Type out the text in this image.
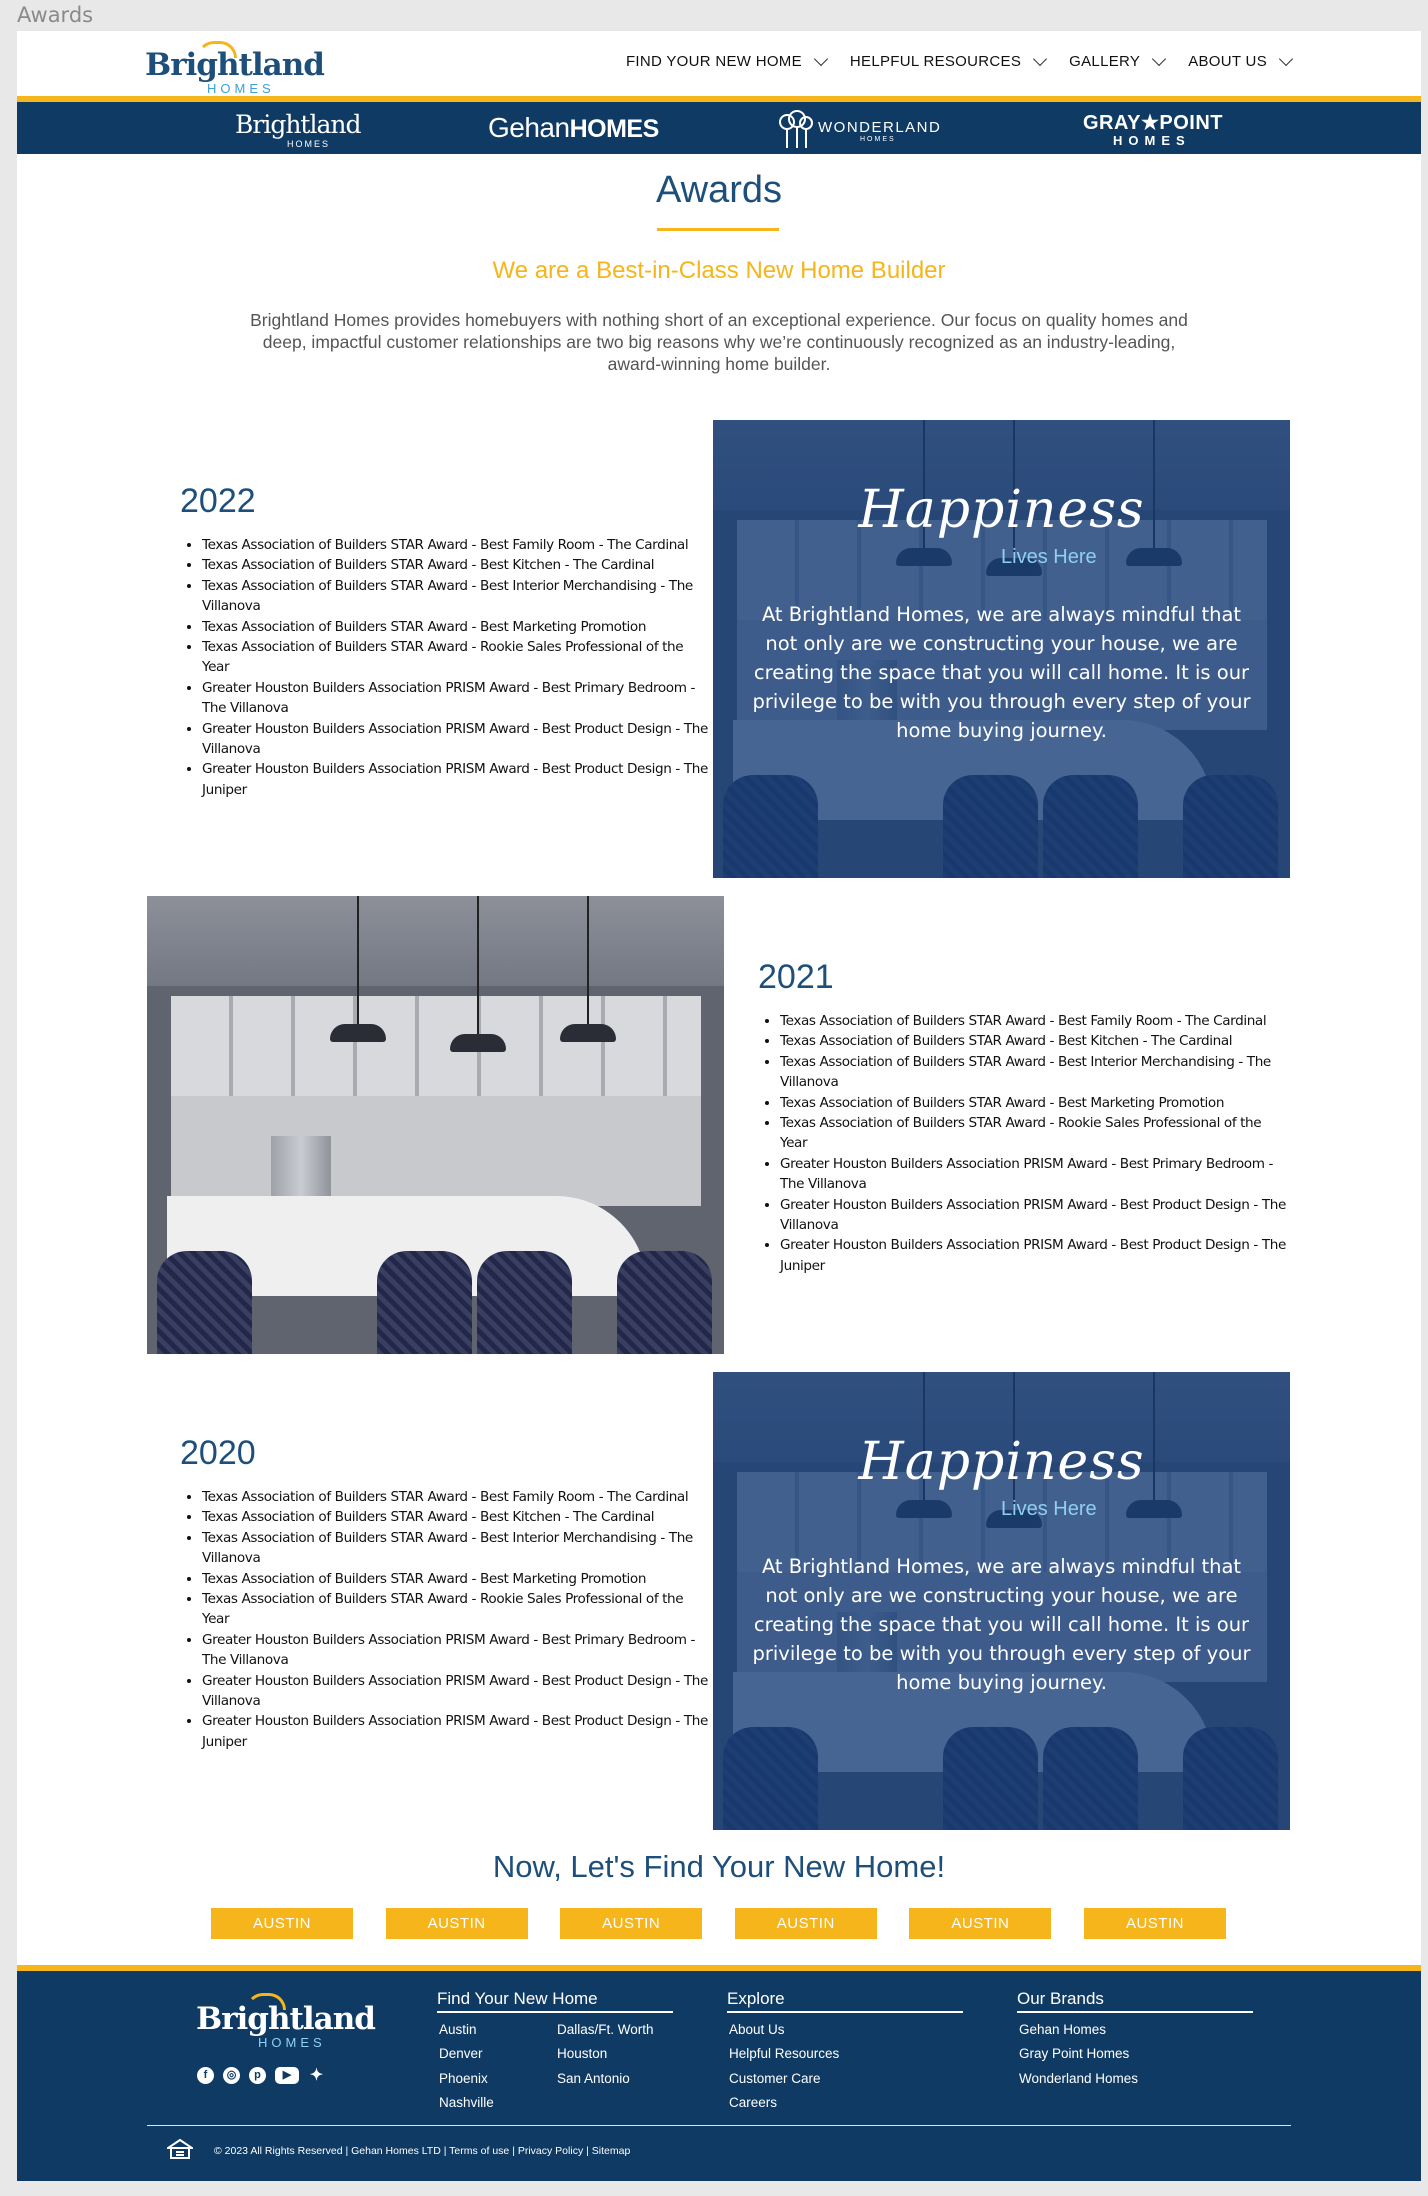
Awards
Brightland
HOMES
FIND YOUR NEW HOME	HELPFUL RESOURCES	GALLERY	ABOUT US
Brightland
HOMES
GehanHOMES	WONDERLAND
HOMES
GRAY★POINT
HOMES
Awards
We are a Best-in-Class New Home Builder
Brightland Homes provides homebuyers with nothing short of an exceptional experience. Our focus on quality homes and deep, impactful customer relationships are two big reasons why we’re continuously recognized as an industry-leading, award-winning home builder.
2022
• Texas Association of Builders STAR Award - Best Family Room - The Cardinal
• Texas Association of Builders STAR Award - Best Kitchen - The Cardinal
• Texas Association of Builders STAR Award - Best Interior Merchandising - The Villanova
• Texas Association of Builders STAR Award - Best Marketing Promotion
• Texas Association of Builders STAR Award - Rookie Sales Professional of the Year
• Greater Houston Builders Association PRISM Award - Best Primary Bedroom - The Villanova
• Greater Houston Builders Association PRISM Award - Best Product Design - The Villanova
• Greater Houston Builders Association PRISM Award - Best Product Design - The Juniper
Happiness
Lives Here
At Brightland Homes, we are always mindful that not only are we constructing your house, we are creating the space that you will call home. It is our privilege to be with you through every step of your home buying journey.
2021
• Texas Association of Builders STAR Award - Best Family Room - The Cardinal
• Texas Association of Builders STAR Award - Best Kitchen - The Cardinal
• Texas Association of Builders STAR Award - Best Interior Merchandising - The Villanova
• Texas Association of Builders STAR Award - Best Marketing Promotion
• Texas Association of Builders STAR Award - Rookie Sales Professional of the Year
• Greater Houston Builders Association PRISM Award - Best Primary Bedroom - The Villanova
• Greater Houston Builders Association PRISM Award - Best Product Design - The Villanova
• Greater Houston Builders Association PRISM Award - Best Product Design - The Juniper
2020
• Texas Association of Builders STAR Award - Best Family Room - The Cardinal
• Texas Association of Builders STAR Award - Best Kitchen - The Cardinal
• Texas Association of Builders STAR Award - Best Interior Merchandising - The Villanova
• Texas Association of Builders STAR Award - Best Marketing Promotion
• Texas Association of Builders STAR Award - Rookie Sales Professional of the Year
• Greater Houston Builders Association PRISM Award - Best Primary Bedroom - The Villanova
• Greater Houston Builders Association PRISM Award - Best Product Design - The Villanova
• Greater Houston Builders Association PRISM Award - Best Product Design - The Juniper
Happiness
Lives Here
At Brightland Homes, we are always mindful that not only are we constructing your house, we are creating the space that you will call home. It is our privilege to be with you through every step of your home buying journey.
Now, Let's Find Your New Home!
AUSTIN	AUSTIN	AUSTIN	AUSTIN	AUSTIN	AUSTIN
Brightland
HOMES
f	◎	p	▶	✦
Find Your New Home
Austin	Dallas/Ft. Worth
Denver	Houston
Phoenix	San Antonio
Nashville
Explore
About Us
Helpful Resources
Customer Care
Careers
Our Brands
Gehan Homes
Gray Point Homes
Wonderland Homes
© 2023 All Rights Reserved | Gehan Homes LTD | Terms of use | Privacy Policy | Sitemap
